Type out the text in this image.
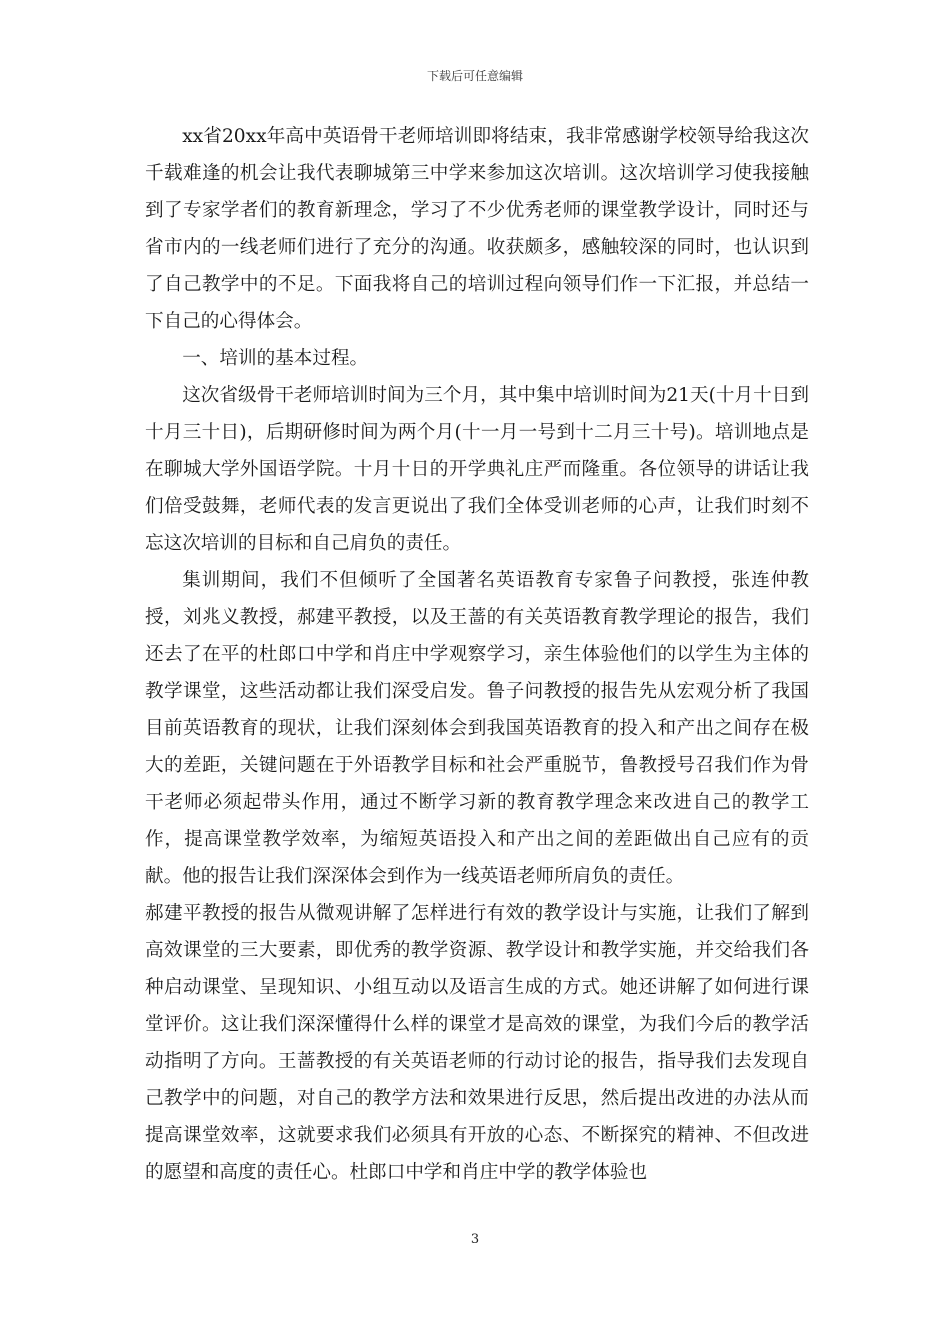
下载后可任意编辑

xx省20xx年高中英语骨干老师培训即将结束，我非常感谢学校领导给我这次千载难逢的机会让我代表聊城第三中学来参加这次培训。这次培训学习使我接触到了专家学者们的教育新理念，学习了不少优秀老师的课堂教学设计，同时还与省市内的一线老师们进行了充分的沟通。收获颇多，感触较深的同时，也认识到了自己教学中的不足。下面我将自己的培训过程向领导们作一下汇报，并总结一下自己的心得体会。

一、培训的基本过程。

这次省级骨干老师培训时间为三个月，其中集中培训时间为21天(十月十日到十月三十日)，后期研修时间为两个月(十一月一号到十二月三十号)。培训地点是在聊城大学外国语学院。十月十日的开学典礼庄严而隆重。各位领导的讲话让我们倍受鼓舞，老师代表的发言更说出了我们全体受训老师的心声，让我们时刻不忘这次培训的目标和自己肩负的责任。

集训期间，我们不但倾听了全国著名英语教育专家鲁子问教授，张连仲教授，刘兆义教授，郝建平教授，以及王蔷的有关英语教育教学理论的报告，我们还去了在平的杜郎口中学和肖庄中学观察学习，亲生体验他们的以学生为主体的教学课堂，这些活动都让我们深受启发。鲁子问教授的报告先从宏观分析了我国目前英语教育的现状，让我们深刻体会到我国英语教育的投入和产出之间存在极大的差距，关键问题在于外语教学目标和社会严重脱节，鲁教授号召我们作为骨干老师必须起带头作用，通过不断学习新的教育教学理念来改进自己的教学工作，提高课堂教学效率，为缩短英语投入和产出之间的差距做出自己应有的贡献。他的报告让我们深深体会到作为一线英语老师所肩负的责任。

郝建平教授的报告从微观讲解了怎样进行有效的教学设计与实施，让我们了解到高效课堂的三大要素，即优秀的教学资源、教学设计和教学实施，并交给我们各种启动课堂、呈现知识、小组互动以及语言生成的方式。她还讲解了如何进行课堂评价。这让我们深深懂得什么样的课堂才是高效的课堂，为我们今后的教学活动指明了方向。王蔷教授的有关英语老师的行动讨论的报告，指导我们去发现自己教学中的问题，对自己的教学方法和效果进行反思，然后提出改进的办法从而提高课堂效率，这就要求我们必须具有开放的心态、不断探究的精神、不但改进的愿望和高度的责任心。杜郎口中学和肖庄中学的教学体验也

3
